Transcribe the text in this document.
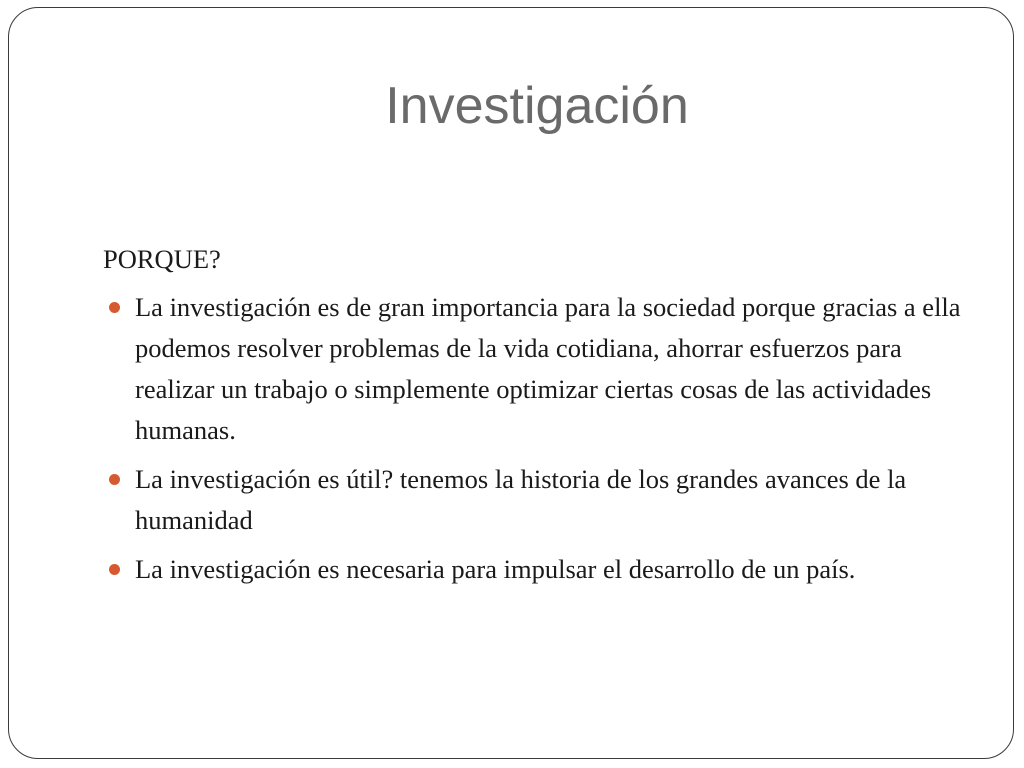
Investigación
PORQUE?
La investigación es de gran importancia para la sociedad porque gracias a ella podemos resolver problemas de la vida cotidiana, ahorrar esfuerzos para realizar un trabajo o simplemente optimizar ciertas cosas de las actividades humanas.
La investigación es útil? tenemos la historia de los grandes avances de la humanidad
La investigación es necesaria para impulsar el desarrollo de un país.
